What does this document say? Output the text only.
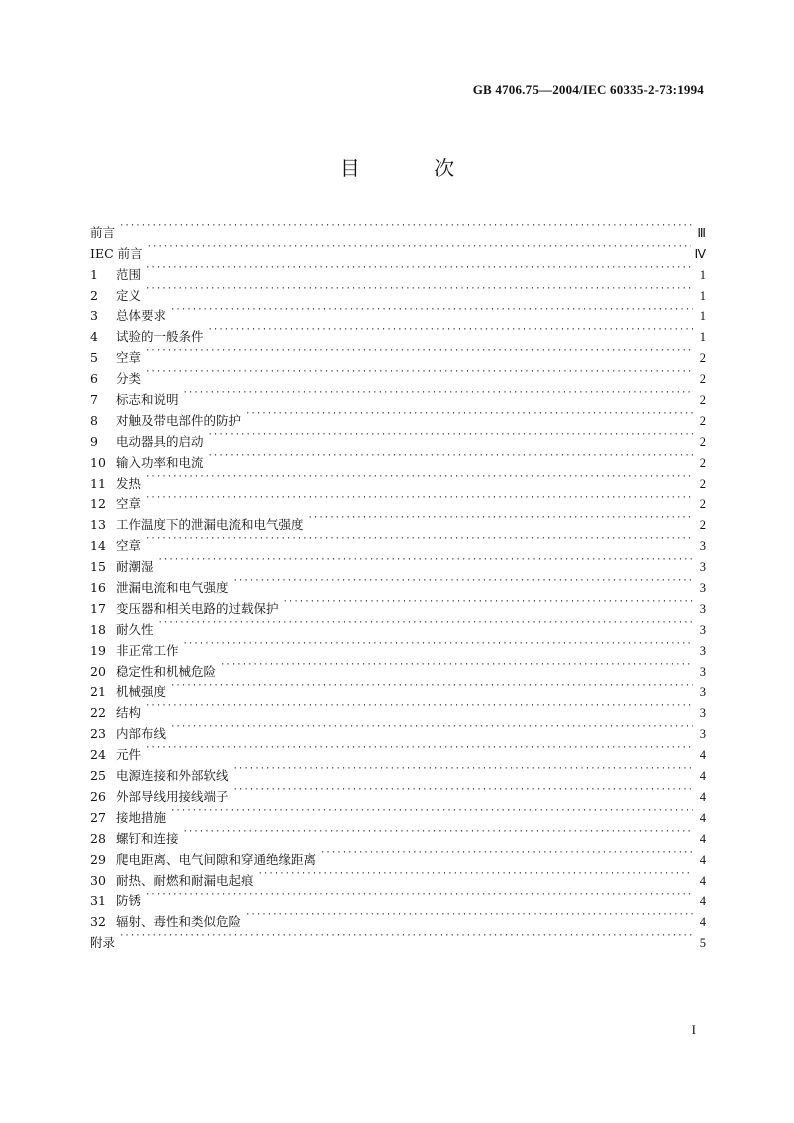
GB 4706.75—2004/IEC 60335-2-73:1994
目 次
前言 ·····	Ⅲ
IEC 前言 ·····	Ⅳ
1	范围 ·····	1
2	定义 ·····	1
3	总体要求 ·····	1
4	试验的一般条件 ·····	1
5	空章 ·····	2
6	分类 ·····	2
7	标志和说明 ·····	2
8	对触及带电部件的防护 ·····	2
9	电动器具的启动 ·····	2
10 输入功率和电流 ·····	2
11 发热 ·····	2
12 空章 ·····	2
13 工作温度下的泄漏电流和电气强度 ·····	2
14 空章 ·····	3
15 耐潮湿 ·····	3
16 泄漏电流和电气强度 ·····	3
17 变压器和相关电路的过载保护 ·····	3
18 耐久性 ·····	3
19 非正常工作 ·····	3
20 稳定性和机械危险 ·····	3
21 机械强度 ·····	3
22 结构 ·····	3
23 内部布线 ·····	3
24 元件 ·····	4
25 电源连接和外部软线 ·····	4
26 外部导线用接线端子 ·····	4
27 接地措施 ·····	4
28 螺钉和连接 ·····	4
29 爬电距离、电气间隙和穿通绝缘距离 ·····	4
30 耐热、耐燃和耐漏电起痕 ·····	4
31 防锈 ·····	4
32 辐射、毒性和类似危险 ·····	4
附录 ·····	5
I
